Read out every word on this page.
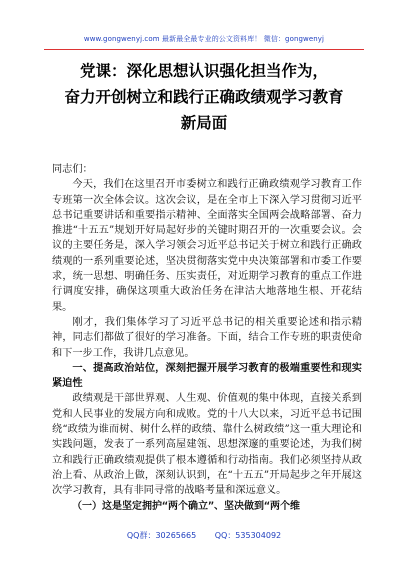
www.gongwenyj.com 最新最全最专业的公文资料库！ 微信：gongwenyj
党课：深化思想认识强化担当作为，
奋力开创树立和践行正确政绩观学习教育
新局面

同志们：

今天，我们在这里召开市委树立和践行正确政绩观学习教育工作专班第一次全体会议。这次会议，是在全市上下深入学习贯彻习近平总书记重要讲话和重要指示精神、全面落实全国两会战略部署、奋力推进“十五五”规划开好局起好步的关键时期召开的一次重要会议。会议的主要任务是，深入学习领会习近平总书记关于树立和践行正确政绩观的一系列重要论述，坚决贯彻落实党中央决策部署和市委工作要求，统一思想、明确任务、压实责任，对近期学习教育的重点工作进行调度安排，确保这项重大政治任务在津沽大地落地生根、开花结果。

刚才，我们集体学习了习近平总书记的相关重要论述和指示精神，同志们都做了很好的学习准备。下面，结合工作专班的职责使命和下一步工作，我讲几点意见。

一、提高政治站位，深刻把握开展学习教育的极端重要性和现实紧迫性

政绩观是干部世界观、人生观、价值观的集中体现，直接关系到党和人民事业的发展方向和成败。党的十八大以来，习近平总书记围绕“政绩为谁而树、树什么样的政绩、靠什么树政绩”这一重大理论和实践问题，发表了一系列高屋建瓴、思想深邃的重要论述，为我们树立和践行正确政绩观提供了根本遵循和行动指南。我们必须坚持从政治上看、从政治上做，深刻认识到，在“十五五”开局起步之年开展这次学习教育，具有非同寻常的战略考量和深远意义。

（一）这是坚定拥护“两个确立”、坚决做到“两个维

QQ群：30265665 QQ：535304092
